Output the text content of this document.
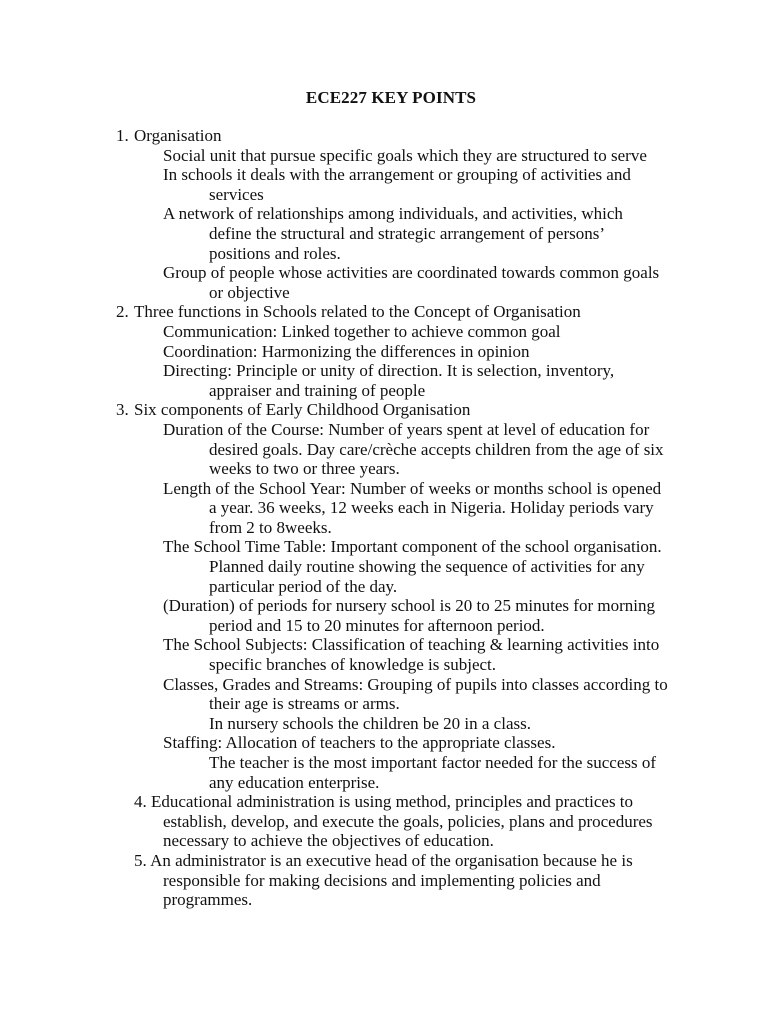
ECE227 KEY POINTS
1. Organisation
Social unit that pursue specific goals which they are structured to serve
In schools it deals with the arrangement or grouping of activities and services
A network of relationships among individuals, and activities, which define the structural and strategic arrangement of persons’ positions and roles.
Group of people whose activities are coordinated towards common goals or objective
2. Three functions in Schools related to the Concept of Organisation
Communication: Linked together to achieve common goal
Coordination: Harmonizing the differences in opinion
Directing: Principle or unity of direction. It is selection, inventory, appraiser and training of people
3. Six components of Early Childhood Organisation
Duration of the Course: Number of years spent at level of education for desired goals. Day care/crèche accepts children from the age of six weeks to two or three years.
Length of the School Year: Number of weeks or months school is opened a year. 36 weeks, 12 weeks each in Nigeria. Holiday periods vary from 2 to 8weeks.
The School Time Table: Important component of the school organisation. Planned daily routine showing the sequence of activities for any particular period of the day.
(Duration) of periods for nursery school is 20 to 25 minutes for morning period and 15 to 20 minutes for afternoon period.
The School Subjects: Classification of teaching & learning activities into specific branches of knowledge is subject.
Classes, Grades and Streams: Grouping of pupils into classes according to their age is streams or arms.
In nursery schools the children be 20 in a class.
Staffing: Allocation of teachers to the appropriate classes.
The teacher is the most important factor needed for the success of any education enterprise.
4. Educational administration is using method, principles and practices to establish, develop, and execute the goals, policies, plans and procedures necessary to achieve the objectives of education.
5. An administrator is an executive head of the organisation because he is responsible for making decisions and implementing policies and programmes.
